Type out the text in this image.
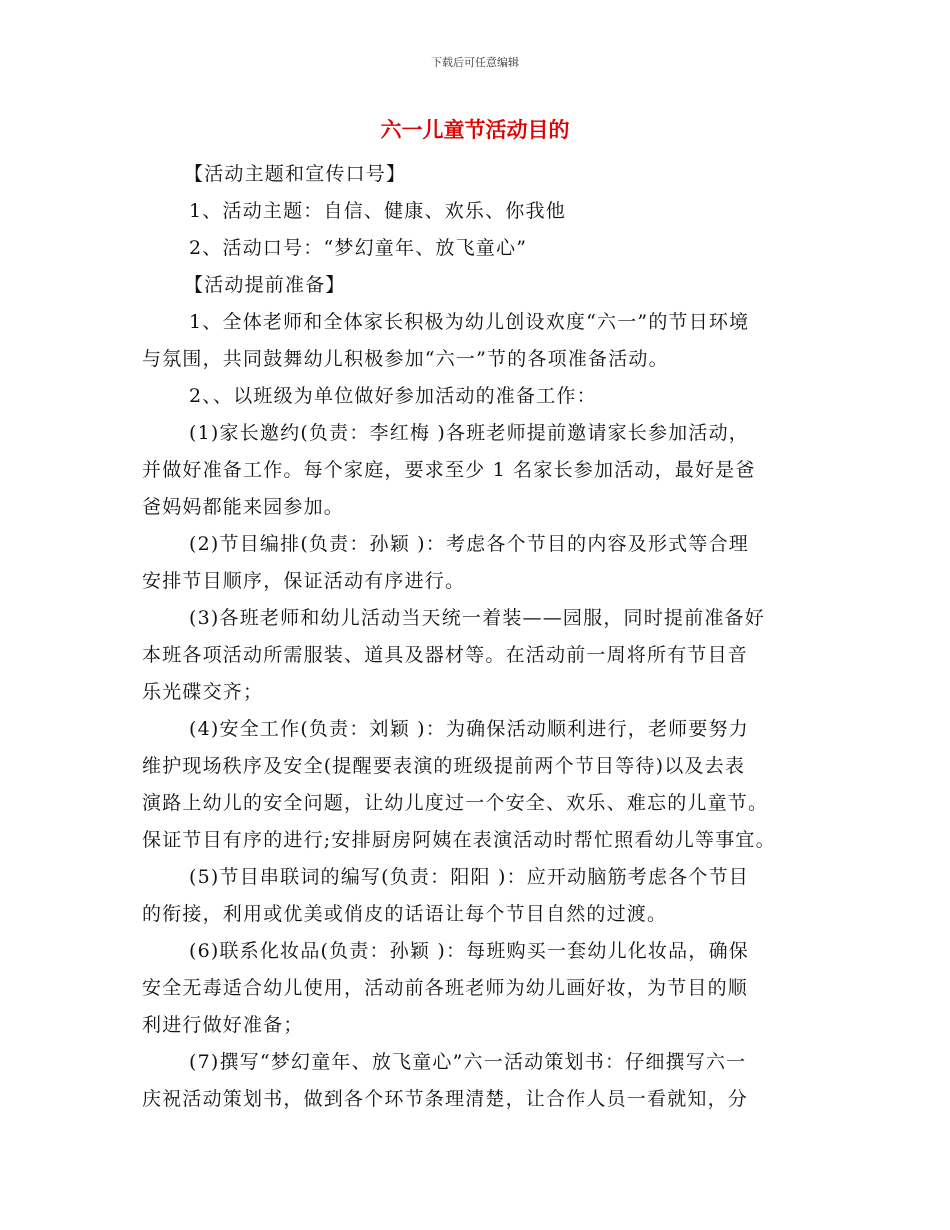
下载后可任意编辑
六一儿童节活动目的
【活动主题和宣传口号】
1、活动主题：自信、健康、欢乐、你我他
2、活动口号：“梦幻童年、放飞童心”
【活动提前准备】
1、全体老师和全体家长积极为幼儿创设欢度“六一”的节日环境
与氛围，共同鼓舞幼儿积极参加“六一”节的各项准备活动。
2、、以班级为单位做好参加活动的准备工作：
(1)家长邀约(负责：李红梅 )各班老师提前邀请家长参加活动，
并做好准备工作。每个家庭，要求至少 1 名家长参加活动，最好是爸
爸妈妈都能来园参加。
(2)节目编排(负责：孙颖 )：考虑各个节目的内容及形式等合理
安排节目顺序，保证活动有序进行。
(3)各班老师和幼儿活动当天统一着装——园服，同时提前准备好
本班各项活动所需服装、道具及器材等。在活动前一周将所有节目音
乐光碟交齐；
(4)安全工作(负责：刘颖 )：为确保活动顺利进行，老师要努力
维护现场秩序及安全(提醒要表演的班级提前两个节目等待)以及去表
演路上幼儿的安全问题，让幼儿度过一个安全、欢乐、难忘的儿童节。
保证节目有序的进行;安排厨房阿姨在表演活动时帮忙照看幼儿等事宜。
(5)节目串联词的编写(负责：阳阳 )：应开动脑筋考虑各个节目
的衔接，利用或优美或俏皮的话语让每个节目自然的过渡。
(6)联系化妆品(负责：孙颖 )：每班购买一套幼儿化妆品，确保
安全无毒适合幼儿使用，活动前各班老师为幼儿画好妆，为节目的顺
利进行做好准备；
(7)撰写“梦幻童年、放飞童心”六一活动策划书：仔细撰写六一
庆祝活动策划书，做到各个环节条理清楚，让合作人员一看就知，分
